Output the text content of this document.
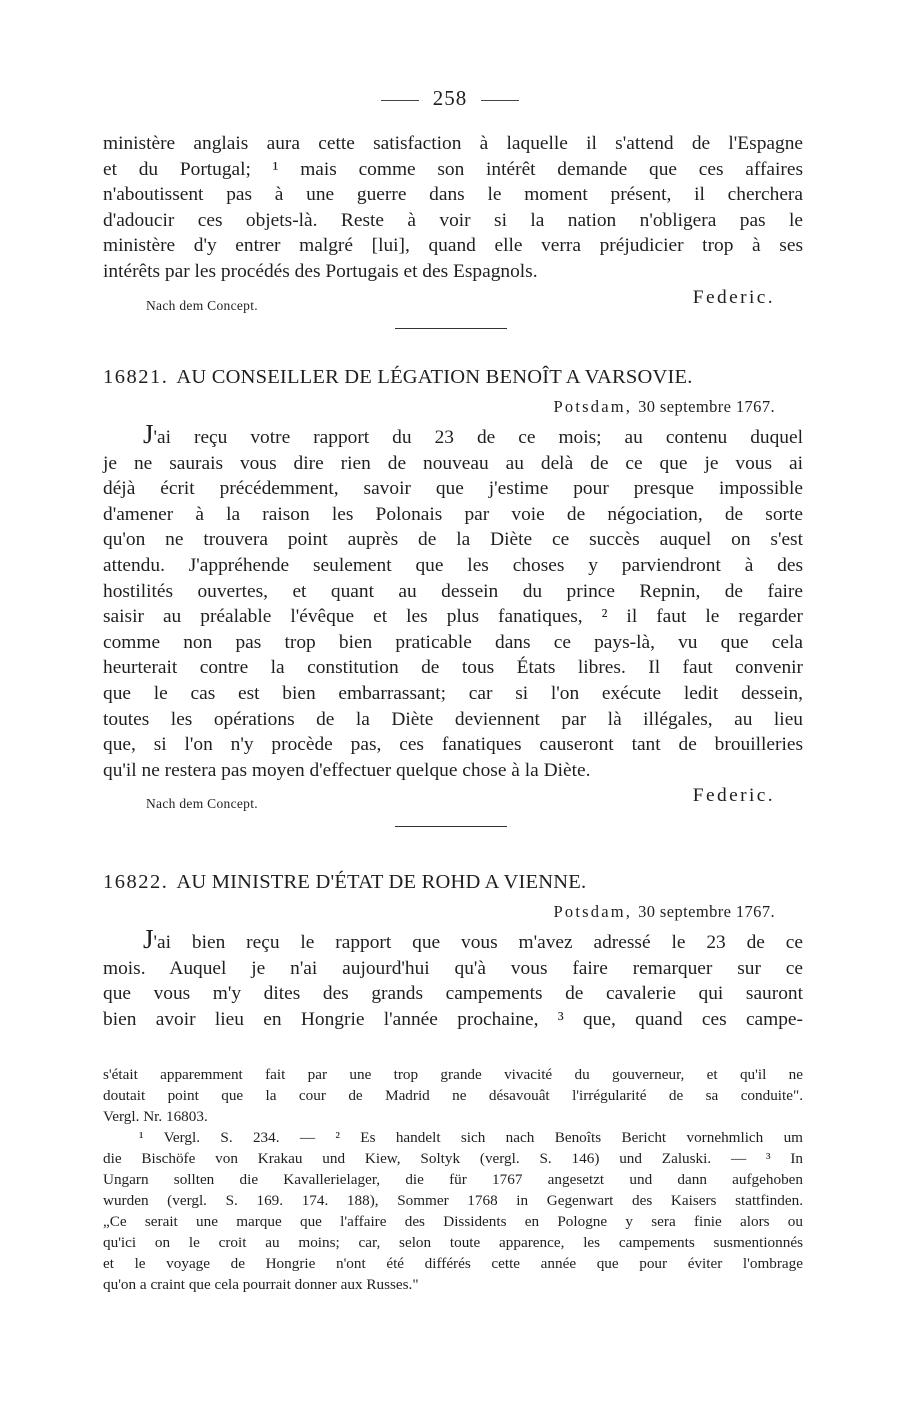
258
ministère anglais aura cette satisfaction à laquelle il s'attend de l'Espagne
et du Portugal; ¹ mais comme son intérêt demande que ces affaires
n'aboutissent pas à une guerre dans le moment présent, il cherchera
d'adoucir ces objets-là. Reste à voir si la nation n'obligera pas le
ministère d'y entrer malgré [lui], quand elle verra préjudicier trop à ses
intérêts par les procédés des Portugais et des Espagnols.
Nach dem Concept.	Federic.
16821. AU CONSEILLER DE LÉGATION BENOÎT A VARSOVIE.
Potsdam, 30 septembre 1767.
J'ai reçu votre rapport du 23 de ce mois; au contenu duquel
je ne saurais vous dire rien de nouveau au delà de ce que je vous ai
déjà écrit précédemment, savoir que j'estime pour presque impossible
d'amener à la raison les Polonais par voie de négociation, de sorte
qu'on ne trouvera point auprès de la Diète ce succès auquel on s'est
attendu. J'appréhende seulement que les choses y parviendront à des
hostilités ouvertes, et quant au dessein du prince Repnin, de faire
saisir au préalable l'évêque et les plus fanatiques, ² il faut le regarder
comme non pas trop bien praticable dans ce pays-là, vu que cela
heurterait contre la constitution de tous États libres. Il faut convenir
que le cas est bien embarrassant; car si l'on exécute ledit dessein,
toutes les opérations de la Diète deviennent par là illégales, au lieu
que, si l'on n'y procède pas, ces fanatiques causeront tant de brouilleries
qu'il ne restera pas moyen d'effectuer quelque chose à la Diète.
Nach dem Concept.	Federic.
16822. AU MINISTRE D'ÉTAT DE ROHD A VIENNE.
Potsdam, 30 septembre 1767.
J'ai bien reçu le rapport que vous m'avez adressé le 23 de ce
mois. Auquel je n'ai aujourd'hui qu'à vous faire remarquer sur ce
que vous m'y dites des grands campements de cavalerie qui sauront
bien avoir lieu en Hongrie l'année prochaine, ³ que, quand ces campe-
s'était apparemment fait par une trop grande vivacité du gouverneur, et qu'il ne
doutait point que la cour de Madrid ne désavouât l'irrégularité de sa conduite".
Vergl. Nr. 16803.
¹ Vergl. S. 234. — ² Es handelt sich nach Benoîts Bericht vornehmlich um
die Bischöfe von Krakau und Kiew, Soltyk (vergl. S. 146) und Zaluski. — ³ In
Ungarn sollten die Kavallerielager, die für 1767 angesetzt und dann aufgehoben
wurden (vergl. S. 169. 174. 188), Sommer 1768 in Gegenwart des Kaisers stattfinden.
„Ce serait une marque que l'affaire des Dissidents en Pologne y sera finie alors ou
qu'ici on le croit au moins; car, selon toute apparence, les campements susmentionnés
et le voyage de Hongrie n'ont été différés cette année que pour éviter l'ombrage
qu'on a craint que cela pourrait donner aux Russes."
